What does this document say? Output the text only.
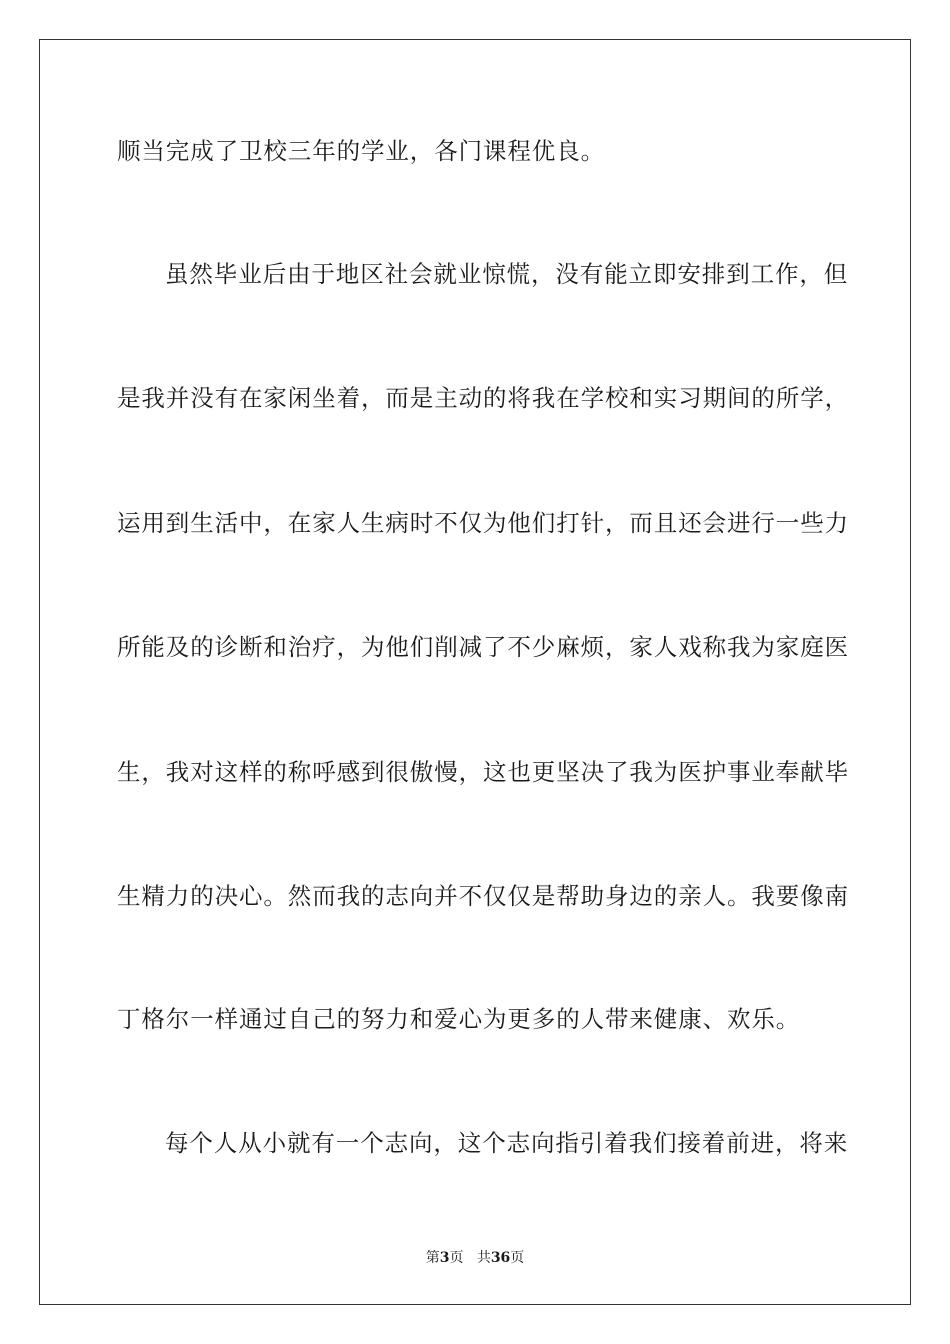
顺当完成了卫校三年的学业，各门课程优良。
虽然毕业后由于地区社会就业惊慌，没有能立即安排到工作，但
是我并没有在家闲坐着，而是主动的将我在学校和实习期间的所学，
运用到生活中，在家人生病时不仅为他们打针，而且还会进行一些力
所能及的诊断和治疗，为他们削减了不少麻烦，家人戏称我为家庭医
生，我对这样的称呼感到很傲慢，这也更坚决了我为医护事业奉献毕
生精力的决心。然而我的志向并不仅仅是帮助身边的亲人。我要像南
丁格尔一样通过自己的努力和爱心为更多的人带来健康、欢乐。
每个人从小就有一个志向，这个志向指引着我们接着前进，将来
第3页 共36页
